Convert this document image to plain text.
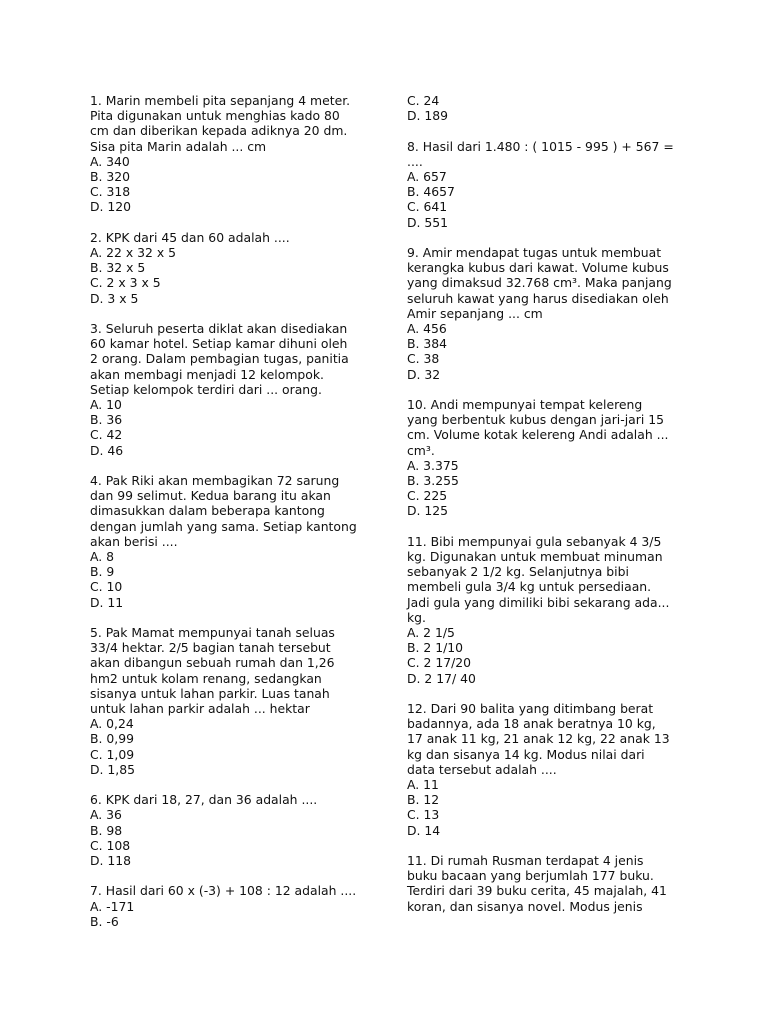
1. Marin membeli pita sepanjang 4 meter.
Pita digunakan untuk menghias kado 80
cm dan diberikan kepada adiknya 20 dm.
Sisa pita Marin adalah ... cm
A. 340
B. 320
C. 318
D. 120
2. KPK dari 45 dan 60 adalah ....
A. 22 x 32 x 5
B. 32 x 5
C. 2 x 3 x 5
D. 3 x 5
3. Seluruh peserta diklat akan disediakan
60 kamar hotel. Setiap kamar dihuni oleh
2 orang. Dalam pembagian tugas, panitia
akan membagi menjadi 12 kelompok.
Setiap kelompok terdiri dari ... orang.
A. 10
B. 36
C. 42
D. 46
4. Pak Riki akan membagikan 72 sarung
dan 99 selimut. Kedua barang itu akan
dimasukkan dalam beberapa kantong
dengan jumlah yang sama. Setiap kantong
akan berisi ....
A. 8
B. 9
C. 10
D. 11
5. Pak Mamat mempunyai tanah seluas
33/4 hektar. 2/5 bagian tanah tersebut
akan dibangun sebuah rumah dan 1,26
hm2 untuk kolam renang, sedangkan
sisanya untuk lahan parkir. Luas tanah
untuk lahan parkir adalah ... hektar
A. 0,24
B. 0,99
C. 1,09
D. 1,85
6. KPK dari 18, 27, dan 36 adalah ....
A. 36
B. 98
C. 108
D. 118
7. Hasil dari 60 x (-3) + 108 : 12 adalah ....
A. -171
B. -6
C. 24
D. 189
8. Hasil dari 1.480 : ( 1015 - 995 ) + 567 =
....
A. 657
B. 4657
C. 641
D. 551
9. Amir mendapat tugas untuk membuat
kerangka kubus dari kawat. Volume kubus
yang dimaksud 32.768 cm³. Maka panjang
seluruh kawat yang harus disediakan oleh
Amir sepanjang ... cm
A. 456
B. 384
C. 38
D. 32
10. Andi mempunyai tempat kelereng
yang berbentuk kubus dengan jari-jari 15
cm. Volume kotak kelereng Andi adalah ...
cm³.
A. 3.375
B. 3.255
C. 225
D. 125
11. Bibi mempunyai gula sebanyak 4 3/5
kg. Digunakan untuk membuat minuman
sebanyak 2 1/2 kg. Selanjutnya bibi
membeli gula 3/4 kg untuk persediaan.
Jadi gula yang dimiliki bibi sekarang ada...
kg.
A. 2 1/5
B. 2 1/10
C. 2 17/20
D. 2 17/ 40
12. Dari 90 balita yang ditimbang berat
badannya, ada 18 anak beratnya 10 kg,
17 anak 11 kg, 21 anak 12 kg, 22 anak 13
kg dan sisanya 14 kg. Modus nilai dari
data tersebut adalah ....
A. 11
B. 12
C. 13
D. 14
11. Di rumah Rusman terdapat 4 jenis
buku bacaan yang berjumlah 177 buku.
Terdiri dari 39 buku cerita, 45 majalah, 41
koran, dan sisanya novel. Modus jenis
